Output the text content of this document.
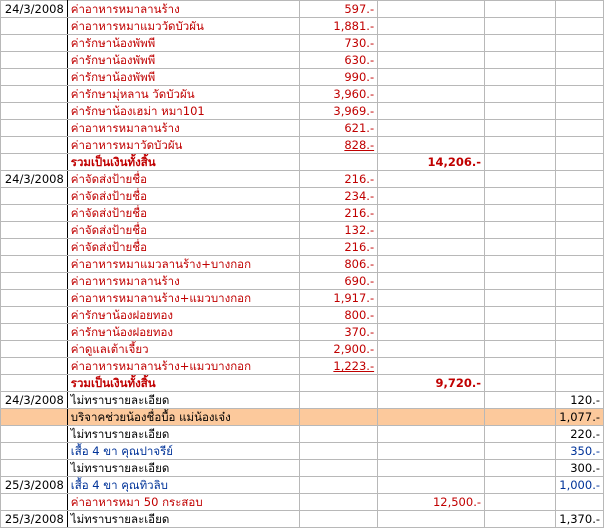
24/3/2008	ค่าอาหารหมาลานร้าง	597.-			
	ค่าอาหารหมาแมววัดบัวผัน	1,881.-			
	ค่ารักษาน้องพัพพี	730.-			
	ค่ารักษาน้องพัพพี	630.-			
	ค่ารักษาน้องพัพพี	990.-			
	ค่ารักษามุ่หลาน วัดบัวผัน	3,960.-			
	ค่ารักษาน้องเฮม่า หมา101	3,969.-			
	ค่าอาหารหมาลานร้าง	621.-			
	ค่าอาหารหมาวัดบัวผัน	828.-			
	รวมเป็นเงินทั้งสิ้น		14,206.-		
24/3/2008	ค่าจัดส่งป้ายชื่อ	216.-			
	ค่าจัดส่งป้ายชื่อ	234.-			
	ค่าจัดส่งป้ายชื่อ	216.-			
	ค่าจัดส่งป้ายชื่อ	132.-			
	ค่าจัดส่งป้ายชื่อ	216.-			
	ค่าอาหารหมาแมวลานร้าง+บางกอก	806.-			
	ค่าอาหารหมาลานร้าง	690.-			
	ค่าอาหารหมาลานร้าง+แมวบางกอก	1,917.-			
	ค่ารักษาน้องฝอยทอง	800.-			
	ค่ารักษาน้องฝอยทอง	370.-			
	ค่าดูแลเต้าเจี้ยว	2,900.-			
	ค่าอาหารหมาลานร้าง+แมวบางกอก	1,223.-			
	รวมเป็นเงินทั้งสิ้น		9,720.-		
24/3/2008	ไม่ทราบรายละเอียด				120.-
	บริจาคช่วยน้องชื่อบื้อ แม่น้องเจ๋ง				1,077.-
	ไม่ทราบรายละเอียด				220.-
	เสื้อ 4 ขา คุณปาจรีย์				350.-
	ไม่ทราบรายละเอียด				300.-
25/3/2008	เสื้อ 4 ขา คุณทิวลิบ				1,000.-
	ค่าอาหารหมา 50 กระสอบ		12,500.-		
25/3/2008	ไม่ทราบรายละเอียด				1,370.-
